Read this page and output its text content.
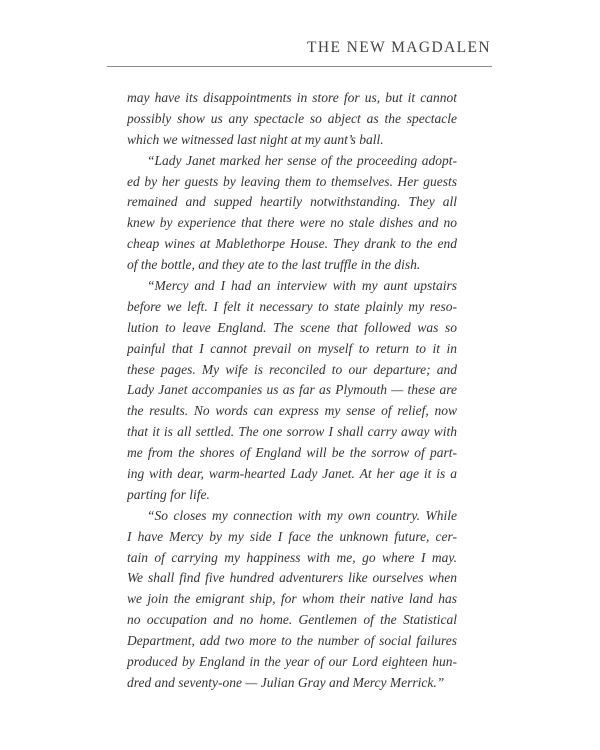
THE NEW MAGDALEN
may have its disappointments in store for us, but it cannot
possibly show us any spectacle so abject as the spectacle
which we witnessed last night at my aunt’s ball.
“Lady Janet marked her sense of the proceeding adopt-
ed by her guests by leaving them to themselves. Her guests
remained and supped heartily notwithstanding. They all
knew by experience that there were no stale dishes and no
cheap wines at Mablethorpe House. They drank to the end
of the bottle, and they ate to the last truffle in the dish.
“Mercy and I had an interview with my aunt upstairs
before we left. I felt it necessary to state plainly my reso-
lution to leave England. The scene that followed was so
painful that I cannot prevail on myself to return to it in
these pages. My wife is reconciled to our departure; and
Lady Janet accompanies us as far as Plymouth — these are
the results. No words can express my sense of relief, now
that it is all settled. The one sorrow I shall carry away with
me from the shores of England will be the sorrow of part-
ing with dear, warm-hearted Lady Janet. At her age it is a
parting for life.
“So closes my connection with my own country. While
I have Mercy by my side I face the unknown future, cer-
tain of carrying my happiness with me, go where I may.
We shall find five hundred adventurers like ourselves when
we join the emigrant ship, for whom their native land has
no occupation and no home. Gentlemen of the Statistical
Department, add two more to the number of social failures
produced by England in the year of our Lord eighteen hun-
dred and seventy-one — Julian Gray and Mercy Merrick.”
